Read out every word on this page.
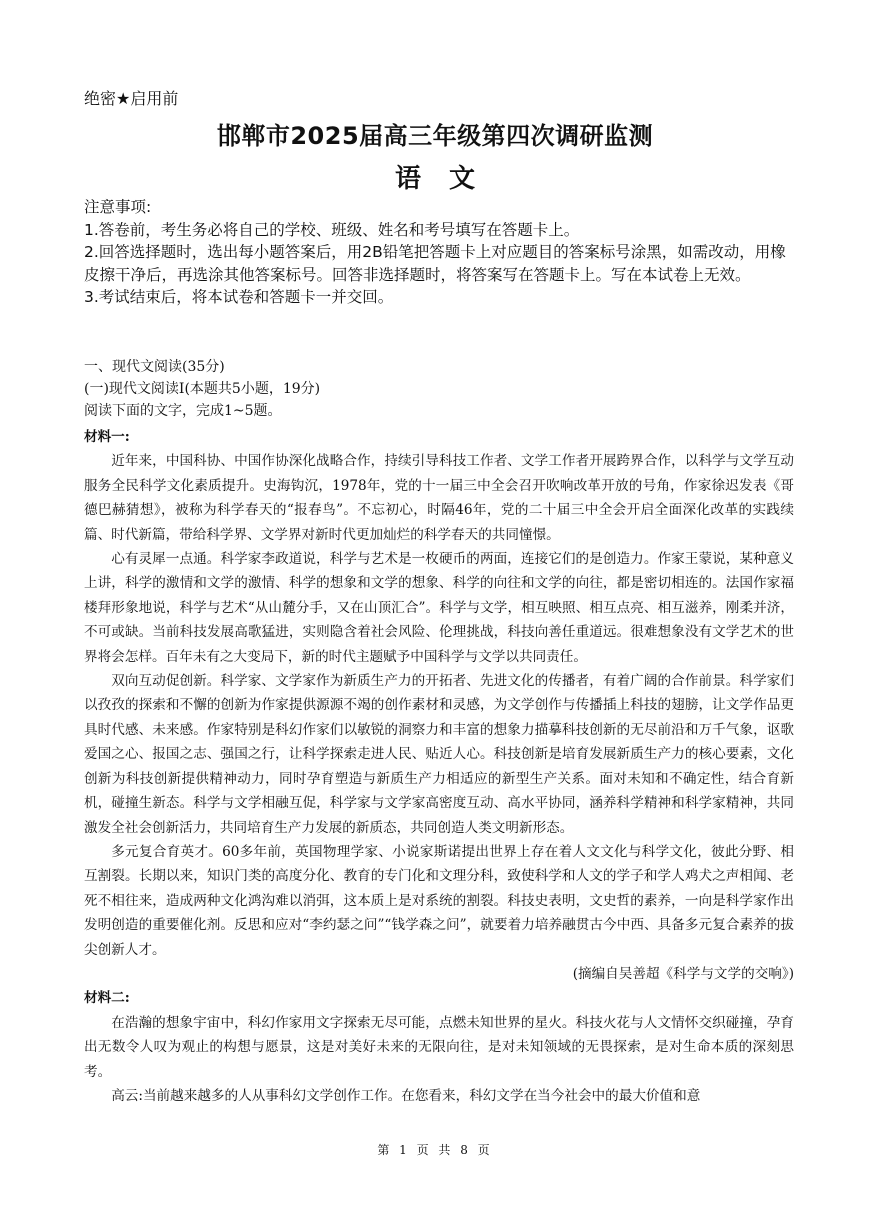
绝密★启用前
邯郸市2025届高三年级第四次调研监测
语文

注意事项:

1.答卷前，考生务必将自己的学校、班级、姓名和考号填写在答题卡上。

2.回答选择题时，选出每小题答案后，用2B铅笔把答题卡上对应题目的答案标号涂黑，如需改动，用橡皮擦干净后，再选涂其他答案标号。回答非选择题时，将答案写在答题卡上。写在本试卷上无效。

3.考试结束后，将本试卷和答题卡一并交回。

一、现代文阅读(35分)

(一)现代文阅读Ⅰ(本题共5小题，19分)

阅读下面的文字，完成1~5题。

材料一:

近年来，中国科协、中国作协深化战略合作，持续引导科技工作者、文学工作者开展跨界合作，以科学与文学互动服务全民科学文化素质提升。史海钩沉，1978年，党的十一届三中全会召开吹响改革开放的号角，作家徐迟发表《哥德巴赫猜想》，被称为科学春天的“报春鸟”。不忘初心，时隔46年，党的二十届三中全会开启全面深化改革的实践续篇、时代新篇，带给科学界、文学界对新时代更加灿烂的科学春天的共同憧憬。

心有灵犀一点通。科学家李政道说，科学与艺术是一枚硬币的两面，连接它们的是创造力。作家王蒙说，某种意义上讲，科学的激情和文学的激情、科学的想象和文学的想象、科学的向往和文学的向往，都是密切相连的。法国作家福楼拜形象地说，科学与艺术“从山麓分手，又在山顶汇合”。科学与文学，相互映照、相互点亮、相互滋养，刚柔并济，不可或缺。当前科技发展高歌猛进，实则隐含着社会风险、伦理挑战，科技向善任重道远。很难想象没有文学艺术的世界将会怎样。百年未有之大变局下，新的时代主题赋予中国科学与文学以共同责任。

双向互动促创新。科学家、文学家作为新质生产力的开拓者、先进文化的传播者，有着广阔的合作前景。科学家们以孜孜的探索和不懈的创新为作家提供源源不竭的创作素材和灵感，为文学创作与传播插上科技的翅膀，让文学作品更具时代感、未来感。作家特别是科幻作家们以敏锐的洞察力和丰富的想象力描摹科技创新的无尽前沿和万千气象，讴歌爱国之心、报国之志、强国之行，让科学探索走进人民、贴近人心。科技创新是培育发展新质生产力的核心要素，文化创新为科技创新提供精神动力，同时孕育塑造与新质生产力相适应的新型生产关系。面对未知和不确定性，结合育新机，碰撞生新态。科学与文学相融互促，科学家与文学家高密度互动、高水平协同，涵养科学精神和科学家精神，共同激发全社会创新活力，共同培育生产力发展的新质态，共同创造人类文明新形态。

多元复合育英才。60多年前，英国物理学家、小说家斯诺提出世界上存在着人文文化与科学文化，彼此分野、相互割裂。长期以来，知识门类的高度分化、教育的专门化和文理分科，致使科学和人文的学子和学人鸡犬之声相闻、老死不相往来，造成两种文化鸿沟难以消弭，这本质上是对系统的割裂。科技史表明，文史哲的素养，一向是科学家作出发明创造的重要催化剂。反思和应对“李约瑟之问”“钱学森之问”，就要着力培养融贯古今中西、具备多元复合素养的拔尖创新人才。

(摘编自吴善超《科学与文学的交响》)

材料二:

在浩瀚的想象宇宙中，科幻作家用文字探索无尽可能，点燃未知世界的星火。科技火花与人文情怀交织碰撞，孕育出无数令人叹为观止的构想与愿景，这是对美好未来的无限向往，是对未知领域的无畏探索，是对生命本质的深刻思考。

高云:当前越来越多的人从事科幻文学创作工作。在您看来，科幻文学在当今社会中的最大价值和意

第 1 页 共 8 页
